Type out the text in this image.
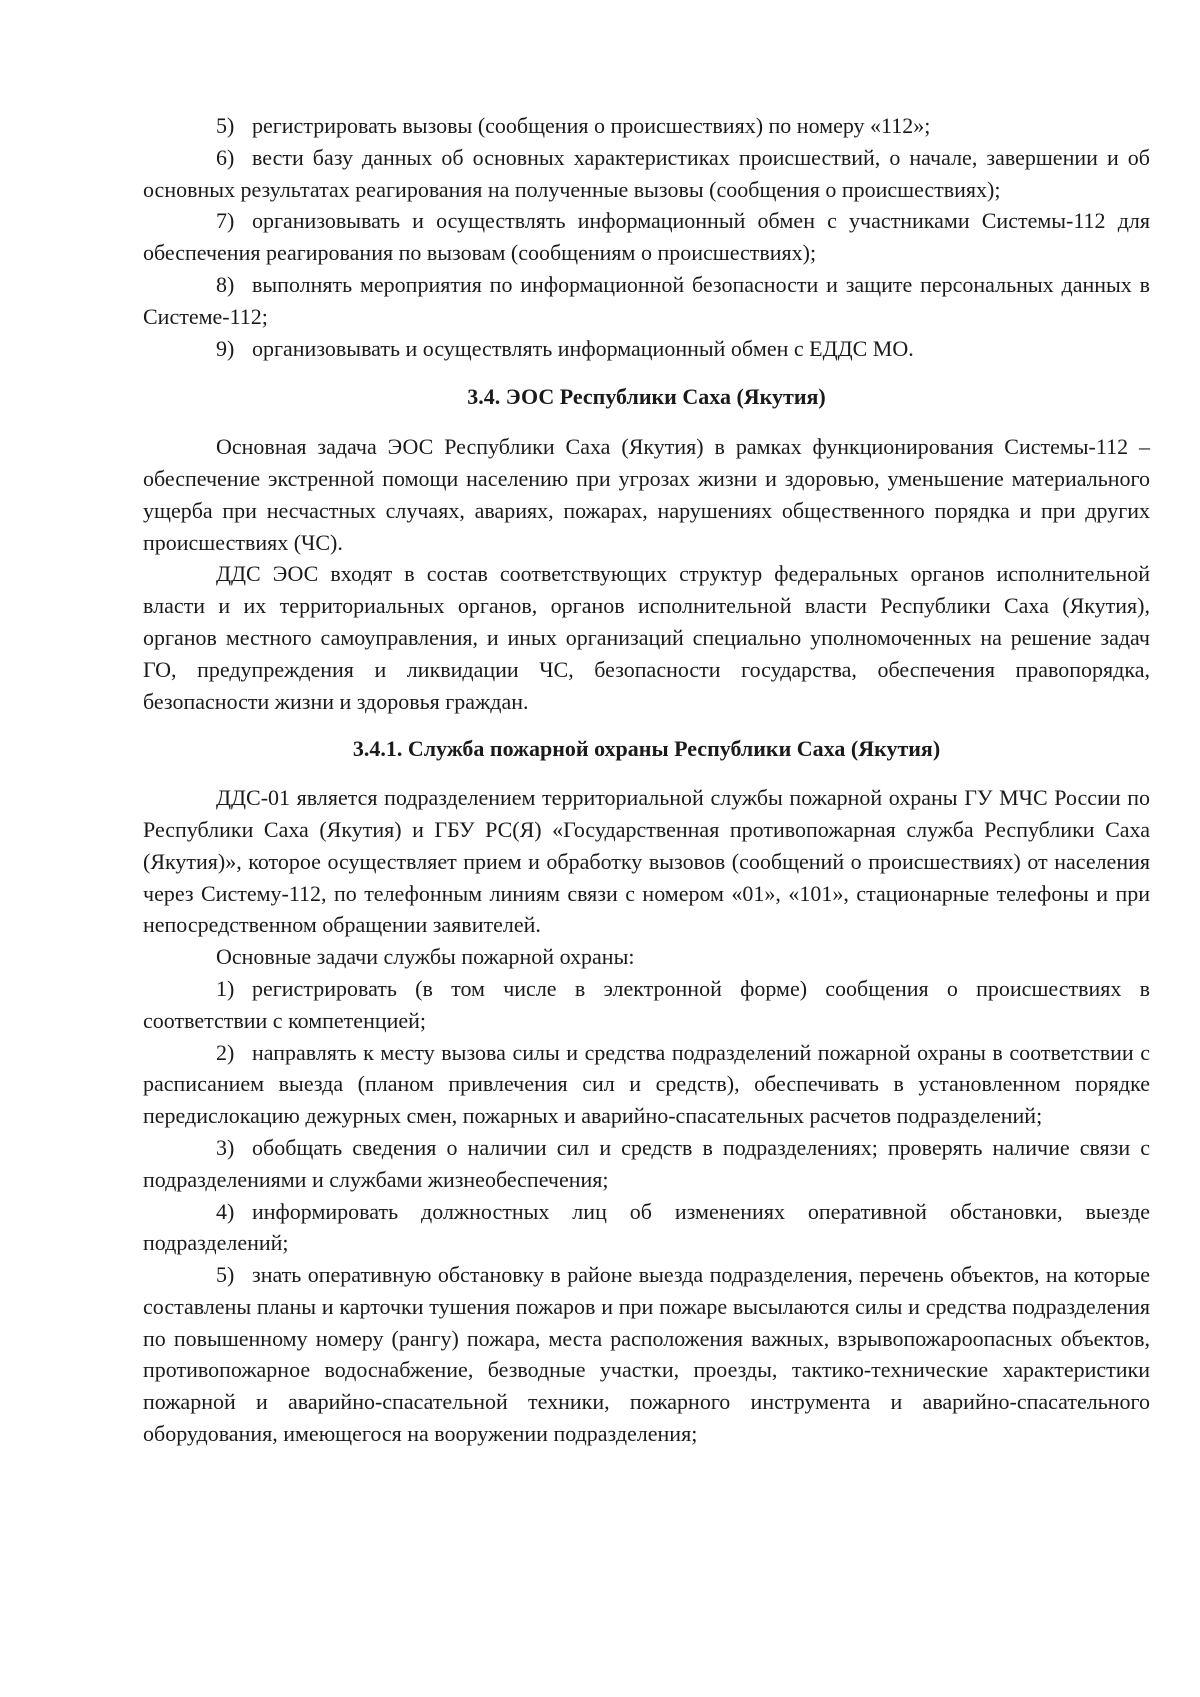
5) регистрировать вызовы (сообщения о происшествиях) по номеру «112»;

6) вести базу данных об основных характеристиках происшествий, о начале, завершении и об основных результатах реагирования на полученные вызовы (сообщения о происшествиях);

7) организовывать и осуществлять информационный обмен с участниками Системы-112 для обеспечения реагирования по вызовам (сообщениям о происшествиях);

8) выполнять мероприятия по информационной безопасности и защите персональных данных в Системе-112;

9) организовывать и осуществлять информационный обмен с ЕДДС МО.

3.4. ЭОС Республики Саха (Якутия)

Основная задача ЭОС Республики Саха (Якутия) в рамках функционирования Системы-112 – обеспечение экстренной помощи населению при угрозах жизни и здоровью, уменьшение материального ущерба при несчастных случаях, авариях, пожарах, нарушениях общественного порядка и при других происшествиях (ЧС).

ДДС ЭОС входят в состав соответствующих структур федеральных органов исполнительной власти и их территориальных органов, органов исполнительной власти Республики Саха (Якутия), органов местного самоуправления, и иных организаций специально уполномоченных на решение задач ГО, предупреждения и ликвидации ЧС, безопасности государства, обеспечения правопорядка, безопасности жизни и здоровья граждан.

3.4.1. Служба пожарной охраны Республики Саха (Якутия)

ДДС-01 является подразделением территориальной службы пожарной охраны ГУ МЧС России по Республики Саха (Якутия) и ГБУ РС(Я) «Государственная противопожарная служба Республики Саха (Якутия)», которое осуществляет прием и обработку вызовов (сообщений о происшествиях) от населения через Систему-112, по телефонным линиям связи с номером «01», «101», стационарные телефоны и при непосредственном обращении заявителей.

Основные задачи службы пожарной охраны:

1) регистрировать (в том числе в электронной форме) сообщения о происшествиях в соответствии с компетенцией;

2) направлять к месту вызова силы и средства подразделений пожарной охраны в соответствии с расписанием выезда (планом привлечения сил и средств), обеспечивать в установленном порядке передислокацию дежурных смен, пожарных и аварийно-спасательных расчетов подразделений;

3) обобщать сведения о наличии сил и средств в подразделениях; проверять наличие связи с подразделениями и службами жизнеобеспечения;

4) информировать должностных лиц об изменениях оперативной обстановки, выезде подразделений;

5) знать оперативную обстановку в районе выезда подразделения, перечень объектов, на которые составлены планы и карточки тушения пожаров и при пожаре высылаются силы и средства подразделения по повышенному номеру (рангу) пожара, места расположения важных, взрывопожароопасных объектов, противопожарное водоснабжение, безводные участки, проезды, тактико-технические характеристики пожарной и аварийно-спасательной техники, пожарного инструмента и аварийно-спасательного оборудования, имеющегося на вооружении подразделения;
